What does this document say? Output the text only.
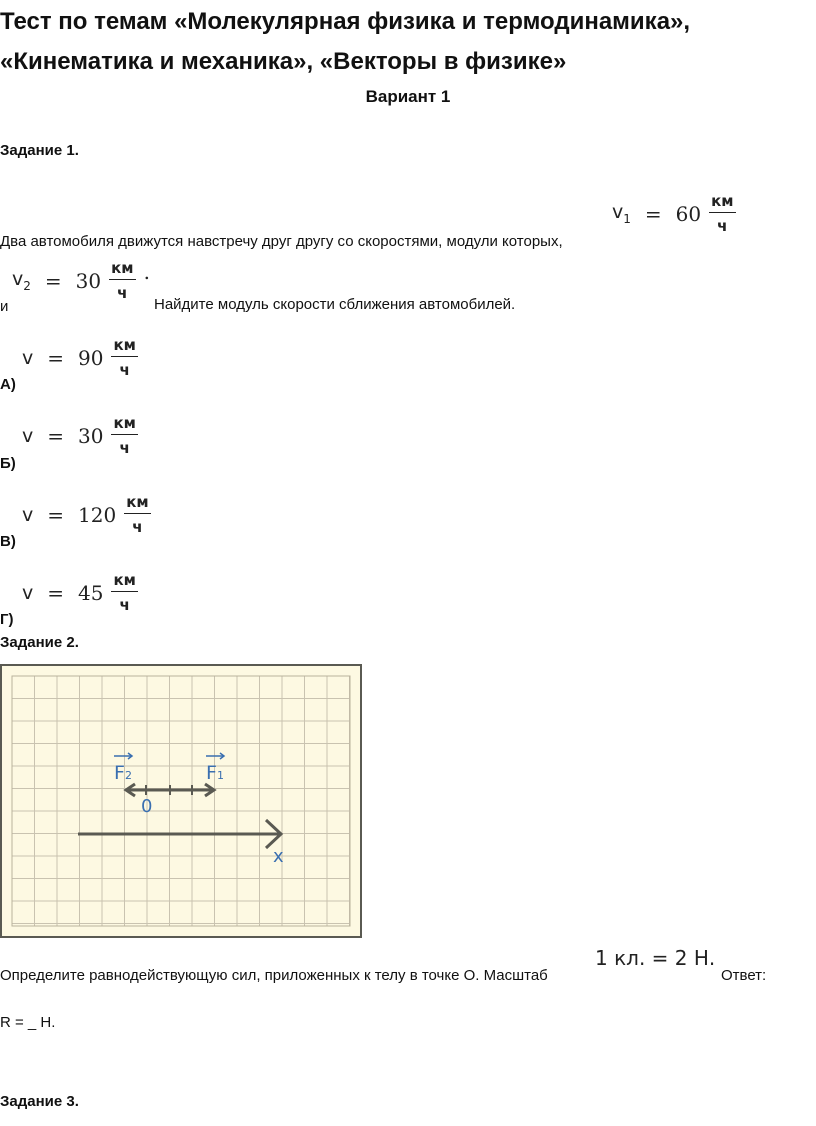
Тест по темам «Молекулярная физика и термодинамика»,
«Кинематика и механика», «Векторы в физике»
Вариант 1
Задание 1.
$v_1 = 60 \frac{км}{ч}$
Два автомобиля движутся навстречу друг другу со скоростями, модули которых,
$v_2 = 30 \frac{км}{ч}$ .
и	Найдите модуль скорости сближения автомобилей.
$v = 90 \frac{км}{ч}$
А)
$v = 30 \frac{км}{ч}$
Б)
$v = 120 \frac{км}{ч}$
В)
$v = 45 \frac{км}{ч}$
Г)
Задание 2.
x
0
F2	F1
Определите равнодействующую сил, приложенных к телу в точке О. Масштаб
1 кл. = 2 Н.
Ответ:
R = _ Н.
Задание 3.
